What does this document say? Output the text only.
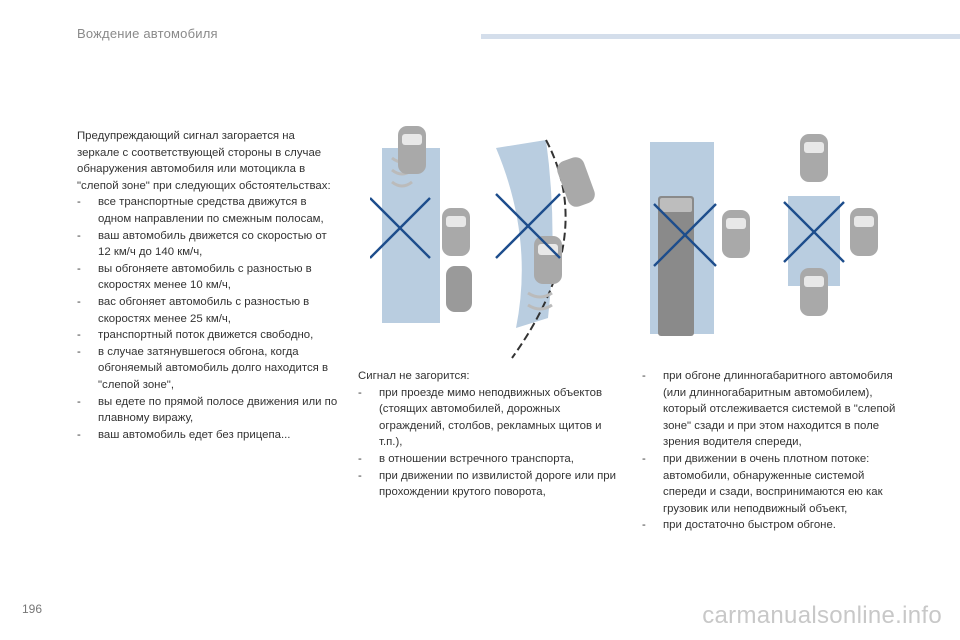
Вождение автомобиля

Предупреждающий сигнал загорается на зеркале с соответствующей стороны в случае обнаружения автомобиля или мотоцикла в "слепой зоне" при следующих обстоятельствах:

- все транспортные средства движутся в одном направлении по смежным полосам,
- ваш автомобиль движется со скоростью от 12 км/ч до 140 км/ч,
- вы обгоняете автомобиль с разностью в скоростях менее 10 км/ч,
- вас обгоняет автомобиль с разностью в скоростях менее 25 км/ч,
- транспортный поток движется свободно,
- в случае затянувшегося обгона, когда обгоняемый автомобиль долго находится в "слепой зоне",
- вы едете по прямой полосе движения или по плавному виражу,
- ваш автомобиль едет без прицепа...

Сигнал не загорится:

- при проезде мимо неподвижных объектов (стоящих автомобилей, дорожных ограждений, столбов, рекламных щитов и т.п.),
- в отношении встречного транспорта,
- при движении по извилистой дороге или при прохождении крутого поворота,
- при обгоне длинногабаритного автомобиля (или длинногабаритным автомобилем), который отслеживается системой в "слепой зоне" сзади и при этом находится в поле зрения водителя спереди,
- при движении в очень плотном потоке: автомобили, обнаруженные системой спереди и сзади, воспринимаются ею как грузовик или неподвижный объект,
- при достаточно быстром обгоне.
196	carmanualsonline.info
